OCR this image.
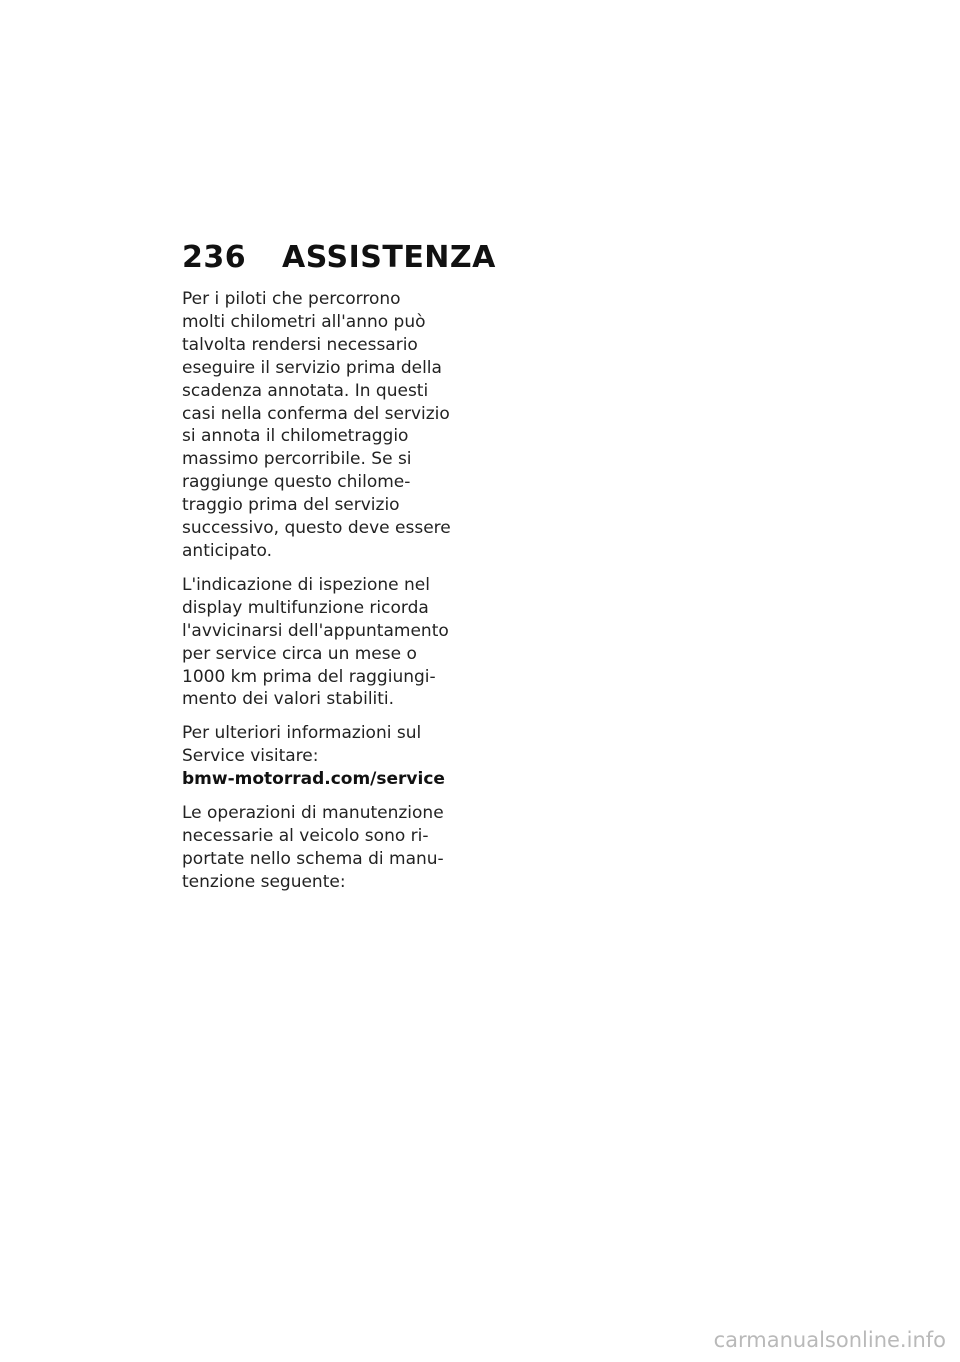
236	ASSISTENZA
Per i piloti che percorrono
molti chilometri all'anno può
talvolta rendersi necessario
eseguire il servizio prima della
scadenza annotata. In questi
casi nella conferma del servizio
si annota il chilometraggio
massimo percorribile. Se si
raggiunge questo chilome-
traggio prima del servizio
successivo, questo deve essere
anticipato.
L'indicazione di ispezione nel
display multifunzione ricorda
l'avvicinarsi dell'appuntamento
per service circa un mese o
1000 km prima del raggiungi-
mento dei valori stabiliti.
Per ulteriori informazioni sul
Service visitare:
bmw-motorrad.com/service
Le operazioni di manutenzione
necessarie al veicolo sono ri-
portate nello schema di manu-
tenzione seguente:
carmanualsonline.info
